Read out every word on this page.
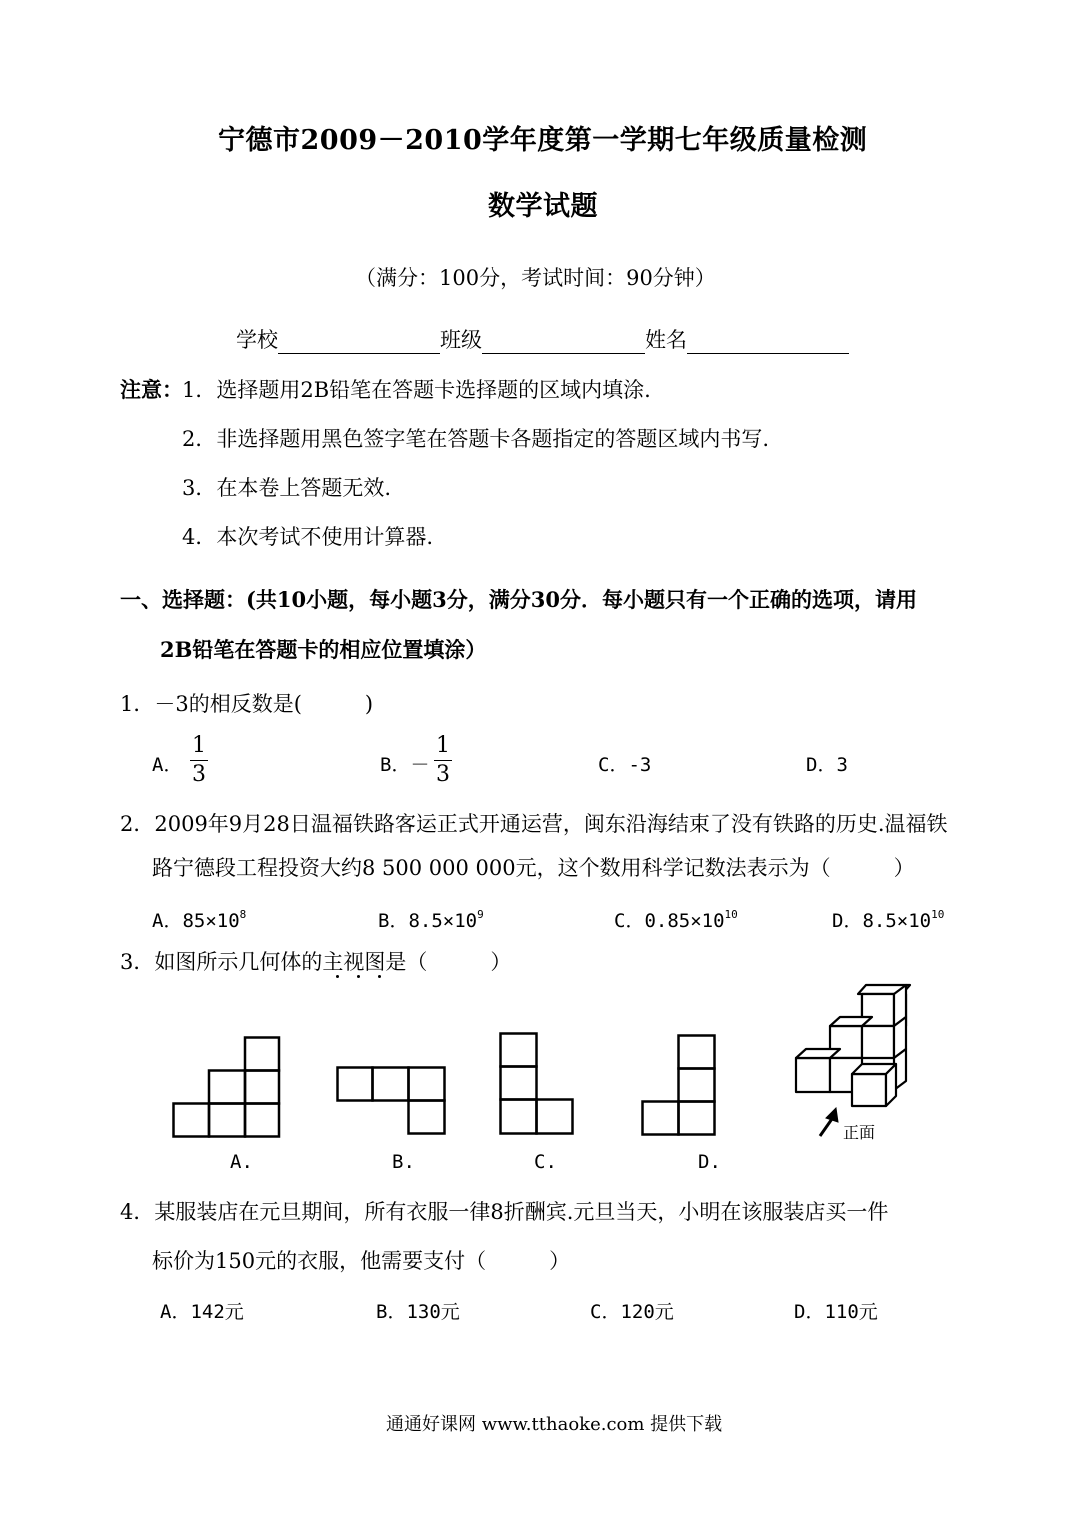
宁德市2009－2010学年度第一学期七年级质量检测
数学试题
（满分：100分，考试时间：90分钟）
学校	班级	姓名
注意： 1．选择题用2B铅笔在答题卡选择题的区域内填涂.
2．非选择题用黑色签字笔在答题卡各题指定的答题区域内书写.
3．在本卷上答题无效.
4．本次考试不使用计算器.
一、选择题：(共10小题，每小题3分，满分30分．每小题只有一个正确的选项，请用
2B铅笔在答题卡的相应位置填涂）
1．－3的相反数是(　　　)
A．
1
3	B．－
1
3	C．-3	D．3
2．2009年9月28日温福铁路客运正式开通运营，闽东沿海结束了没有铁路的历史.温福铁
路宁德段工程投资大约8 500 000 000元，这个数用科学记数法表示为（　　　）
A．$85\times 10^8$	B．$8.5\times 10^9$	C．$0.85\times 10^{10}$	D．$8.5\times 10^{10}$
3．如图所示几何体的主视图是（　　　）
正面
A.	B.	C.	D.
4．某服装店在元旦期间，所有衣服一律8折酬宾.元旦当天，小明在该服装店买一件
标价为150元的衣服，他需要支付（　　　）
A．142元	B．130元	C．120元	D．110元
通通好课网 www.tthaoke.com 提供下载
